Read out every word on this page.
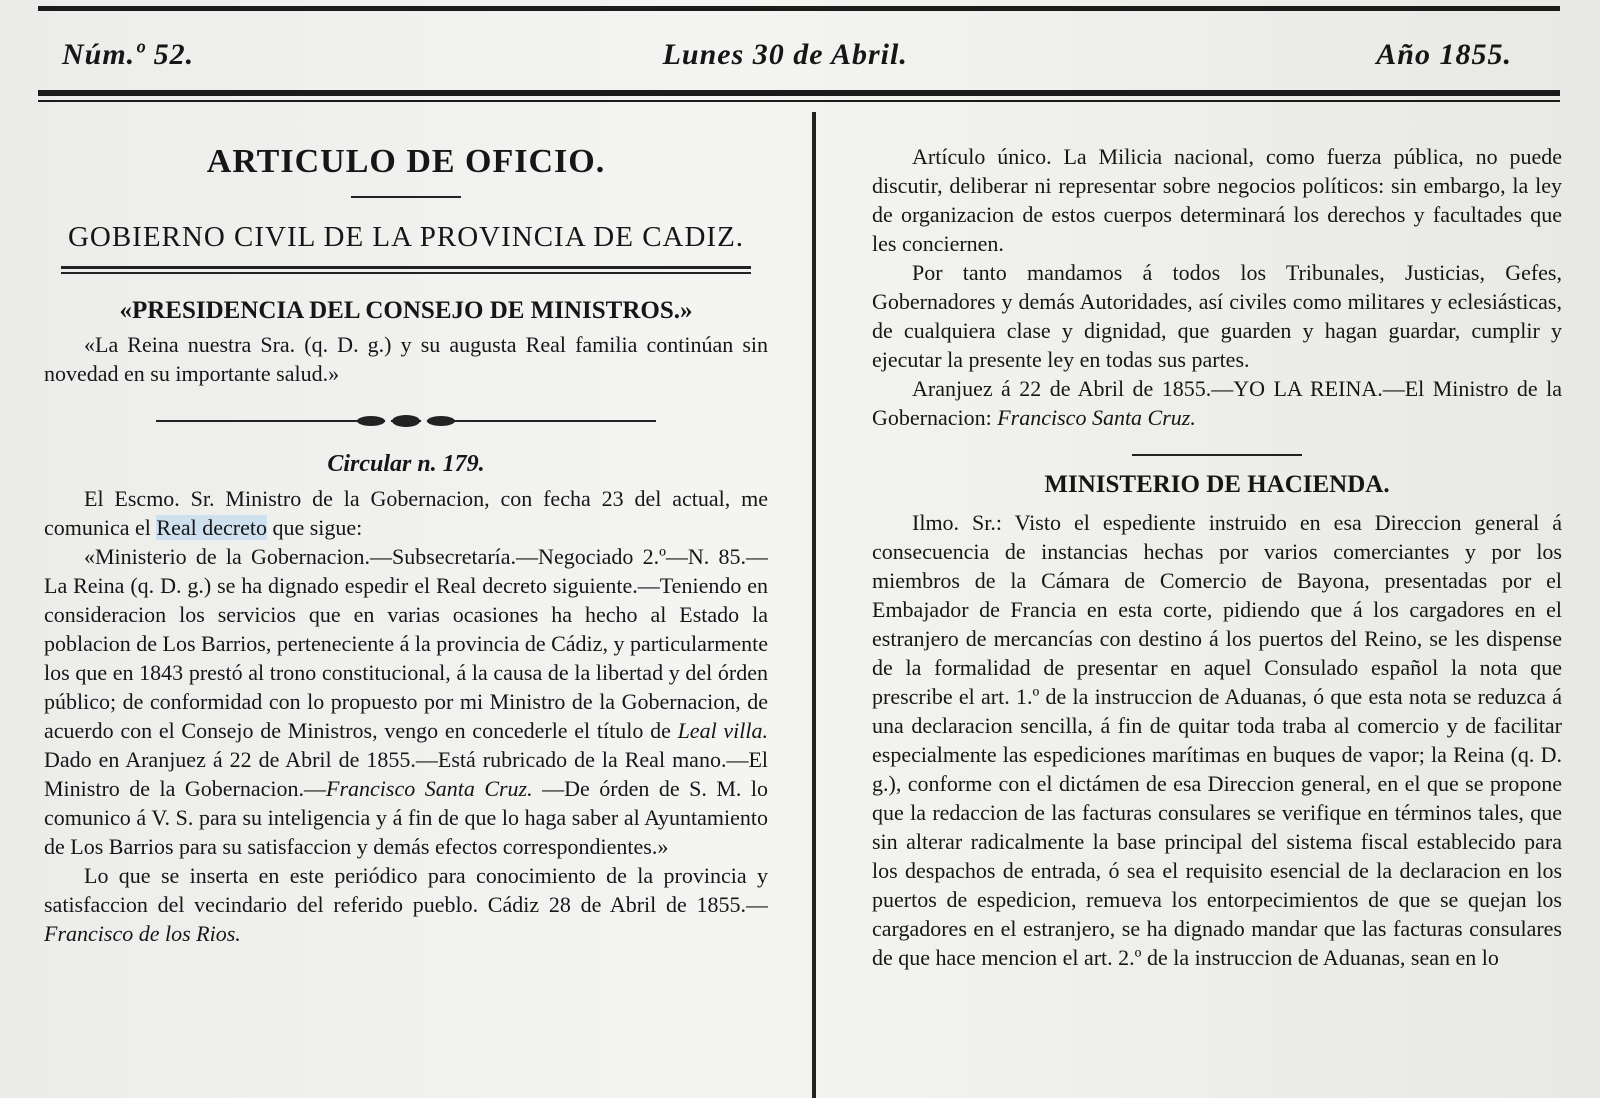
Núm.º 52.	Lunes 30 de Abril.	Año 1855.
ARTICULO DE OFICIO.
GOBIERNO CIVIL DE LA PROVINCIA DE CADIZ.
«PRESIDENCIA DEL CONSEJO DE MINISTROS.»

«La Reina nuestra Sra. (q. D. g.) y su augusta Real familia continúan sin novedad en su importante salud.»

Circular n. 179.

El Escmo. Sr. Ministro de la Gobernacion, con fecha 23 del actual, me comunica el Real decreto que sigue:

«Ministerio de la Gobernacion.—Subsecretaría.—Negociado 2.º—N. 85.—La Reina (q. D. g.) se ha dignado espedir el Real decreto siguiente.—Teniendo en consideracion los servicios que en varias ocasiones ha hecho al Estado la poblacion de Los Barrios, perteneciente á la provincia de Cádiz, y particularmente los que en 1843 prestó al trono constitucional, á la causa de la libertad y del órden público; de conformidad con lo propuesto por mi Ministro de la Gobernacion, de acuerdo con el Consejo de Ministros, vengo en concederle el título de Leal villa. Dado en Aranjuez á 22 de Abril de 1855.—Está rubricado de la Real mano.—El Ministro de la Gobernacion.—Francisco Santa Cruz. —De órden de S. M. lo comunico á V. S. para su inteligencia y á fin de que lo haga saber al Ayuntamiento de Los Barrios para su satisfaccion y demás efectos correspondientes.»

Lo que se inserta en este periódico para conocimiento de la provincia y satisfaccion del vecindario del referido pueblo. Cádiz 28 de Abril de 1855.—Francisco de los Rios.

Artículo único. La Milicia nacional, como fuerza pública, no puede discutir, deliberar ni representar sobre negocios políticos: sin embargo, la ley de organizacion de estos cuerpos determinará los derechos y facultades que les conciernen.

Por tanto mandamos á todos los Tribunales, Justicias, Gefes, Gobernadores y demás Autoridades, así civiles como militares y eclesiásticas, de cualquiera clase y dignidad, que guarden y hagan guardar, cumplir y ejecutar la presente ley en todas sus partes.

Aranjuez á 22 de Abril de 1855.—YO LA REINA.—El Ministro de la Gobernacion: Francisco Santa Cruz.

MINISTERIO DE HACIENDA.

Ilmo. Sr.: Visto el espediente instruido en esa Direccion general á consecuencia de instancias hechas por varios comerciantes y por los miembros de la Cámara de Comercio de Bayona, presentadas por el Embajador de Francia en esta corte, pidiendo que á los cargadores en el estranjero de mercancías con destino á los puertos del Reino, se les dispense de la formalidad de presentar en aquel Consulado español la nota que prescribe el art. 1.º de la instruccion de Aduanas, ó que esta nota se reduzca á una declaracion sencilla, á fin de quitar toda traba al comercio y de facilitar especialmente las espediciones marítimas en buques de vapor; la Reina (q. D. g.), conforme con el dictámen de esa Direccion general, en el que se propone que la redaccion de las facturas consulares se verifique en términos tales, que sin alterar radicalmente la base principal del sistema fiscal establecido para los despachos de entrada, ó sea el requisito esencial de la declaracion en los puertos de espedicion, remueva los entorpecimientos de que se quejan los cargadores en el estranjero, se ha dignado mandar que las facturas consulares de que hace mencion el art. 2.º de la instruccion de Aduanas, sean en lo
